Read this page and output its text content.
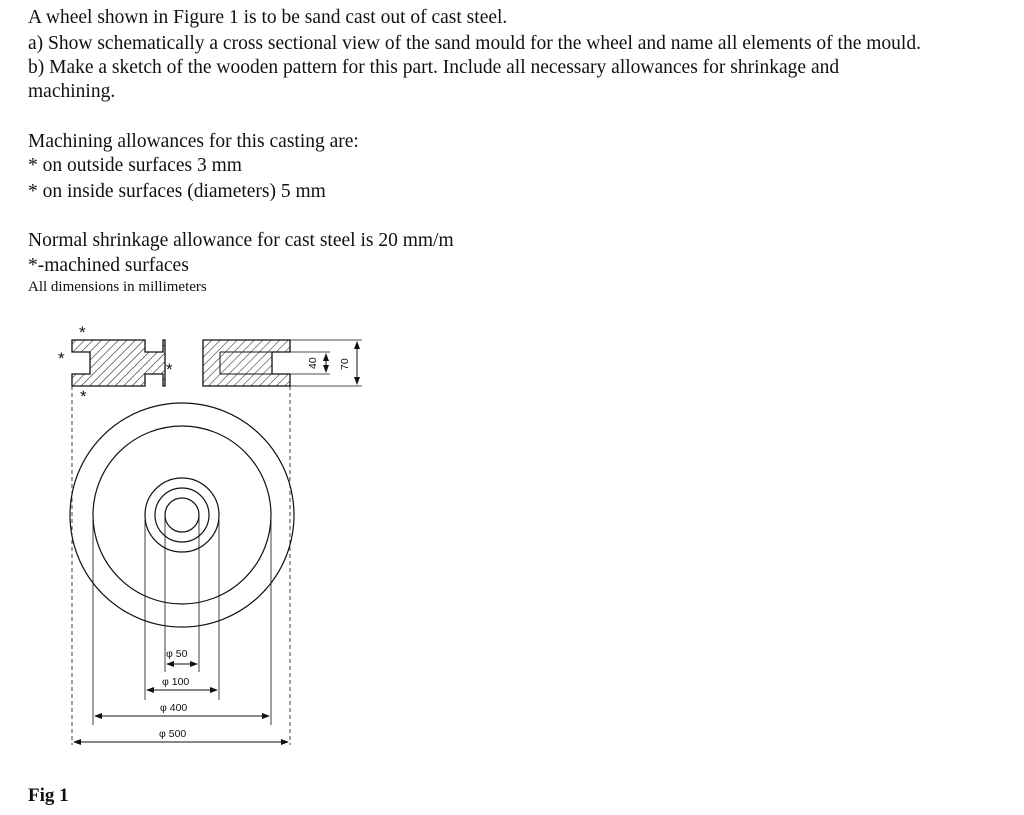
A wheel shown in Figure 1 is to be sand cast out of cast steel.
a) Show schematically a cross sectional view of the sand mould for the wheel and name all elements of the mould.
b) Make a sketch of the wooden pattern for this part. Include all necessary allowances for shrinkage and
machining.
Machining allowances for this casting are:
* on outside surfaces 3 mm
* on inside surfaces (diameters) 5 mm
Normal shrinkage allowance for cast steel is 20 mm/m
*-machined surfaces
All dimensions in millimeters
*
*
*
*	40 70
φ 50
φ 100
φ 400
φ 500
Fig 1
